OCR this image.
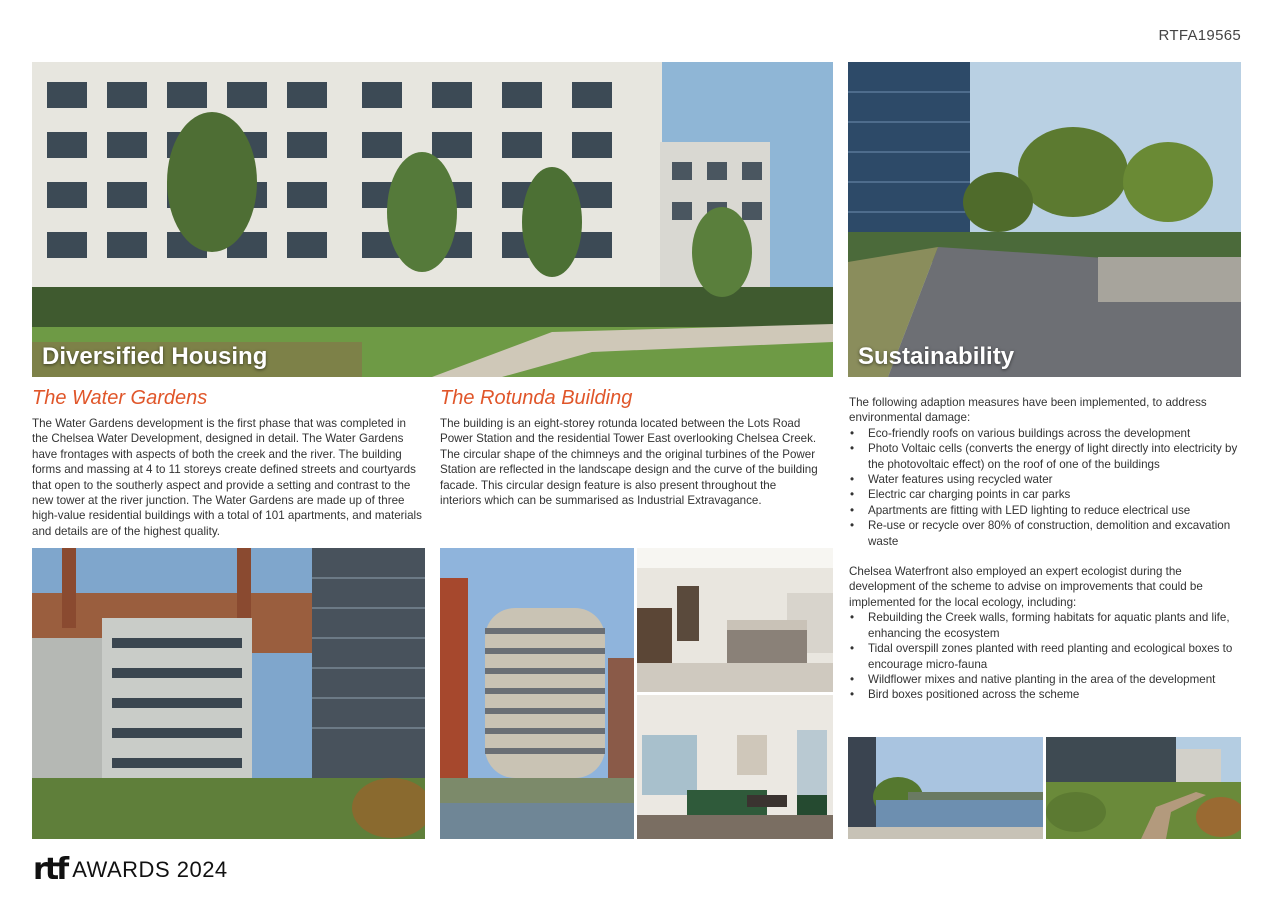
RTFA19565
Diversified Housing	Sustainability
The Water Gardens

The Water Gardens development is the first phase that was completed in the Chelsea Water Development, designed in detail. The Water Gardens have frontages with aspects of both the creek and the river. The building forms and massing at 4 to 11 storeys create defined streets and courtyards that open to the southerly aspect and provide a setting and contrast to the new tower at the river junction. The Water Gardens are made up of three high-value residential buildings with a total of 101 apartments, and materials and details are of the highest quality.

The Rotunda Building

The building is an eight-storey rotunda located between the Lots Road Power Station and the residential Tower East overlooking Chelsea Creek. The circular shape of the chimneys and the original turbines of the Power Station are reflected in the landscape design and the curve of the building facade. This circular design feature is also present throughout the interiors which can be summarised as Industrial Extravagance.

The following adaption measures have been implemented, to address environmental damage:

• Eco-friendly roofs on various buildings across the development
• Photo Voltaic cells (converts the energy of light directly into electricity by the photovoltaic effect) on the roof of one of the buildings
• Water features using recycled water
• Electric car charging points in car parks
• Apartments are fitting with LED lighting to reduce electrical use
• Re-use or recycle over 80% of construction, demolition and excavation waste

Chelsea Waterfront also employed an expert ecologist during the development of the scheme to advise on improvements that could be implemented for the local ecology, including:

• Rebuilding the Creek walls, forming habitats for aquatic plants and life, enhancing the ecosystem
• Tidal overspill zones planted with reed planting and ecological boxes to encourage micro-fauna
• Wildflower mixes and native planting in the area of the development
• Bird boxes positioned across the scheme
rtf AWARDS 2024
